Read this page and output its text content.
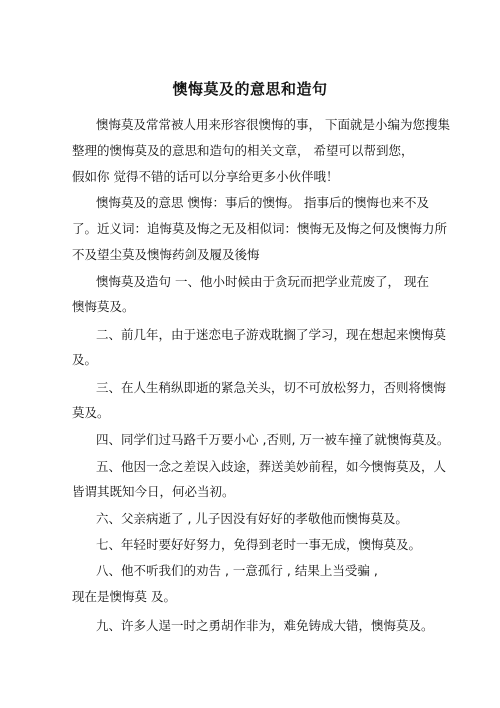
懊悔莫及的意思和造句
懊悔莫及常常被人用来形容很懊悔的事， 下面就是小编为您搜集
整理的懊悔莫及的意思和造句的相关文章， 希望可以帮到您，
假如你 觉得不错的话可以分享给更多小伙伴哦！
懊悔莫及的意思 懊悔：事后的懊悔。 指事后的懊悔也来不及
了。近义词：追悔莫及悔之无及相似词：懊悔无及悔之何及懊悔力所
不及望尘莫及懊悔药剑及履及後悔
懊悔莫及造句 一、他小时候由于贪玩而把学业荒废了， 现在
懊悔莫及。
二、前几年，由于迷恋电子游戏耽搁了学习，现在想起来懊悔莫
及。
三、在人生稍纵即逝的紧急关头，切不可放松努力，否则将懊悔
莫及。
四、同学们过马路千万要小心 ,否则, 万一被车撞了就懊悔莫及。
五、他因一念之差误入歧途，葬送美妙前程，如今懊悔莫及，人
皆谓其既知今日，何必当初。
六、父亲病逝了 , 儿子因没有好好的孝敬他而懊悔莫及。
七、年轻时要好好努力，免得到老时一事无成，懊悔莫及。
八、他不听我们的劝告 , 一意孤行 , 结果上当受骗 ,
现在是懊悔莫 及。
九、许多人逞一时之勇胡作非为，难免铸成大错，懊悔莫及。
